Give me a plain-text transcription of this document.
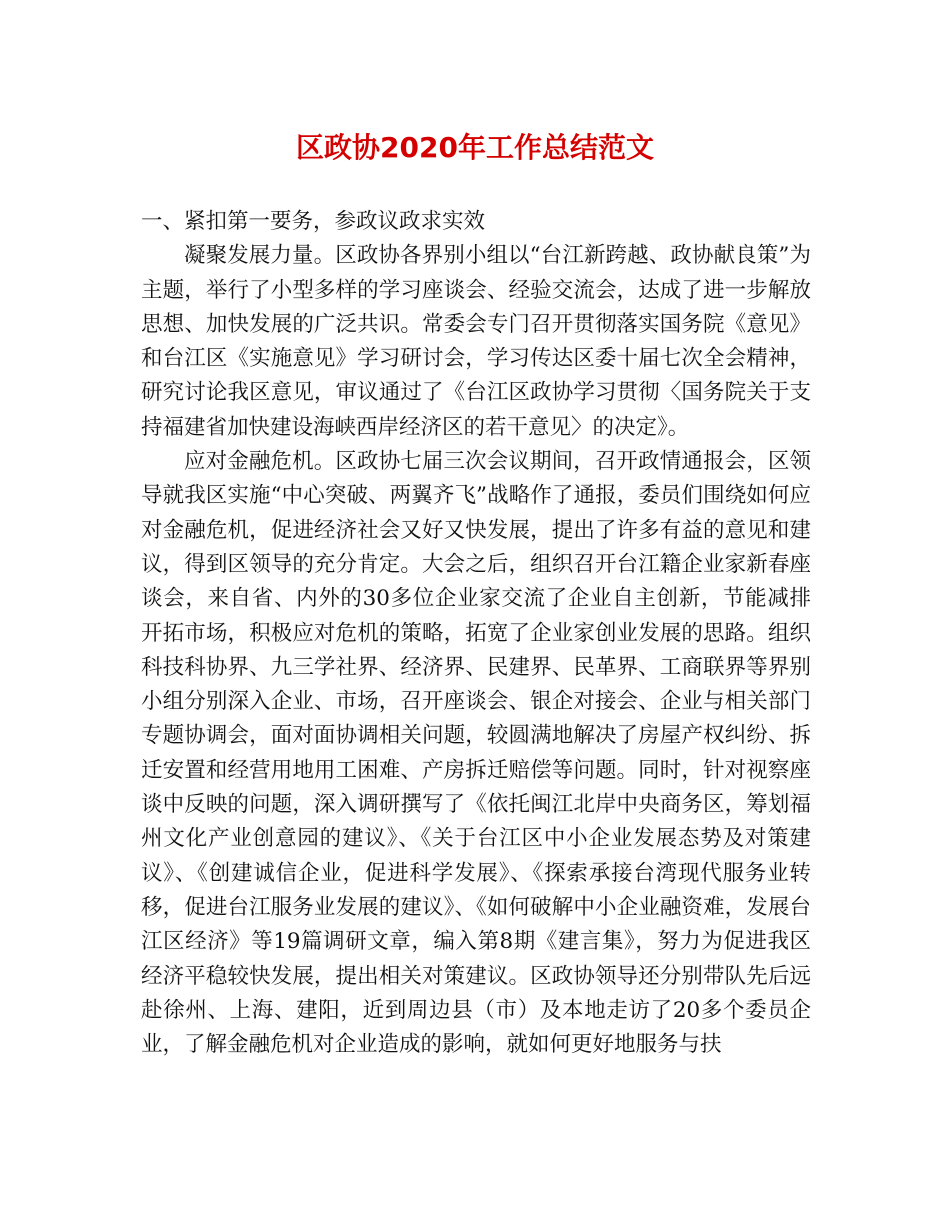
区政协2020年工作总结范文
一、紧扣第一要务，参政议政求实效

凝聚发展力量。区政协各界别小组以“台江新跨越、政协献良策”为主题，举行了小型多样的学习座谈会、经验交流会，达成了进一步解放思想、加快发展的广泛共识。常委会专门召开贯彻落实国务院《意见》和台江区《实施意见》学习研讨会，学习传达区委十届七次全会精神，研究讨论我区意见，审议通过了《台江区政协学习贯彻〈国务院关于支持福建省加快建设海峡西岸经济区的若干意见〉的决定》。

应对金融危机。区政协七届三次会议期间，召开政情通报会，区领导就我区实施“中心突破、两翼齐飞”战略作了通报，委员们围绕如何应对金融危机，促进经济社会又好又快发展，提出了许多有益的意见和建议，得到区领导的充分肯定。大会之后，组织召开台江籍企业家新春座谈会，来自省、内外的30多位企业家交流了企业自主创新，节能减排开拓市场，积极应对危机的策略，拓宽了企业家创业发展的思路。组织科技科协界、九三学社界、经济界、民建界、民革界、工商联界等界别小组分别深入企业、市场，召开座谈会、银企对接会、企业与相关部门专题协调会，面对面协调相关问题，较圆满地解决了房屋产权纠纷、拆迁安置和经营用地用工困难、产房拆迁赔偿等问题。同时，针对视察座谈中反映的问题，深入调研撰写了《依托闽江北岸中央商务区，筹划福州文化产业创意园的建议》、《关于台江区中小企业发展态势及对策建议》、《创建诚信企业，促进科学发展》、《探索承接台湾现代服务业转移，促进台江服务业发展的建议》、《如何破解中小企业融资难，发展台江区经济》等19篇调研文章，编入第8期《建言集》，努力为促进我区经济平稳较快发展，提出相关对策建议。区政协领导还分别带队先后远赴徐州、上海、建阳，近到周边县（市）及本地走访了20多个委员企业，了解金融危机对企业造成的影响，就如何更好地服务与扶
